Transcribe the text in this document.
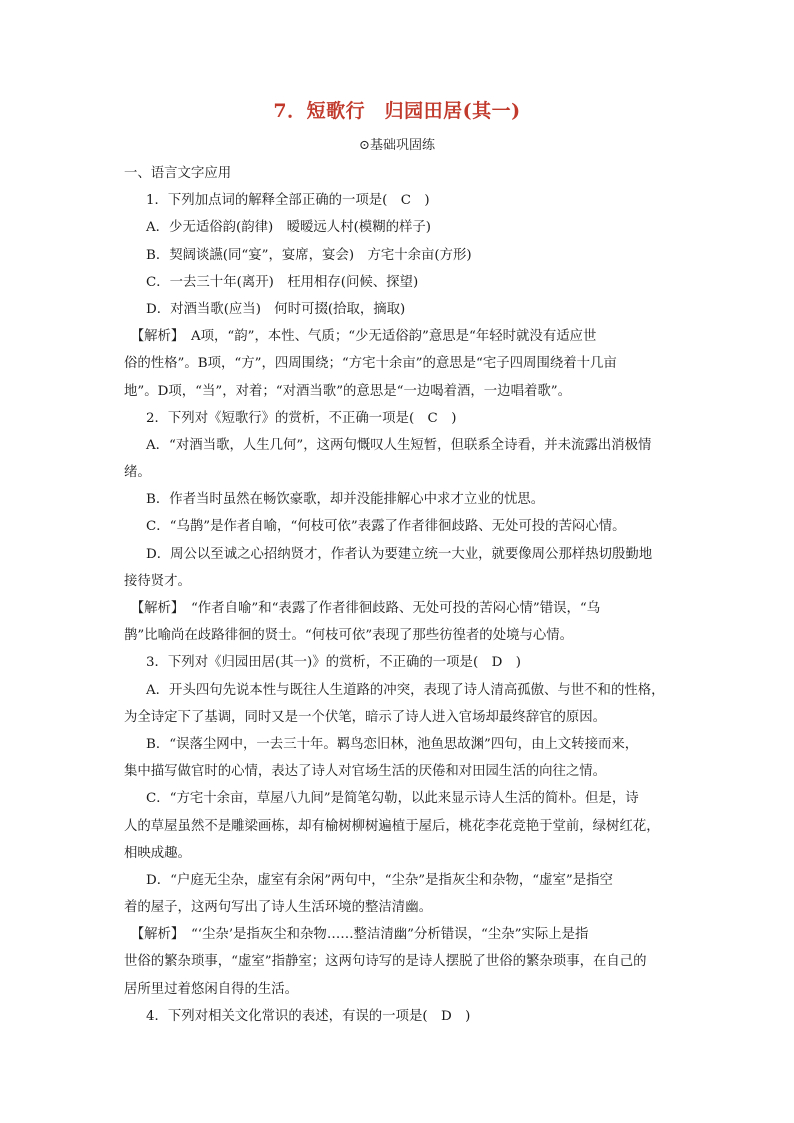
7．短歌行　归园田居(其一)
⊙基础巩固练
一、语言文字应用
1．下列加点词的解释全部正确的一项是(　C　)
A．少无适俗韵(韵律)　暧暧远人村(模糊的样子)
B．契阔谈讌(同“宴”，宴席，宴会)　方宅十余亩(方形)
C．一去三十年(离开)　枉用相存(问候、探望)
D．对酒当歌(应当)　何时可掇(拾取，摘取)
　【解析】　A项，“韵”，本性、气质；“少无适俗韵”意思是“年轻时就没有适应世
俗的性格”。B项，“方”，四周围绕；“方宅十余亩”的意思是“宅子四周围绕着十几亩
地”。D项，“当”，对着；“对酒当歌”的意思是“一边喝着酒，一边唱着歌”。
2．下列对《短歌行》的赏析，不正确一项是(　C　)
A．“对酒当歌，人生几何”，这两句慨叹人生短暂，但联系全诗看，并未流露出消极情
绪。
B．作者当时虽然在畅饮豪歌，却并没能排解心中求才立业的忧思。
C．“乌鹊”是作者自喻，“何枝可依”表露了作者徘徊歧路、无处可投的苦闷心情。
D．周公以至诚之心招纳贤才，作者认为要建立统一大业，就要像周公那样热切殷勤地
接待贤才。
　【解析】　“作者自喻”和“表露了作者徘徊歧路、无处可投的苦闷心情”错误，“乌
鹊”比喻尚在歧路徘徊的贤士。“何枝可依”表现了那些彷徨者的处境与心情。
3．下列对《归园田居(其一)》的赏析，不正确的一项是(　D　)
A．开头四句先说本性与既往人生道路的冲突，表现了诗人清高孤傲、与世不和的性格，
为全诗定下了基调，同时又是一个伏笔，暗示了诗人进入官场却最终辞官的原因。
B．“误落尘网中，一去三十年。羁鸟恋旧林，池鱼思故渊”四句，由上文转接而来，
集中描写做官时的心情，表达了诗人对官场生活的厌倦和对田园生活的向往之情。
C．“方宅十余亩，草屋八九间”是简笔勾勒，以此来显示诗人生活的简朴。但是，诗
人的草屋虽然不是雕梁画栋，却有榆树柳树遍植于屋后，桃花李花竞艳于堂前，绿树红花，
相映成趣。
D．“户庭无尘杂，虚室有余闲”两句中，“尘杂”是指灰尘和杂物，“虚室”是指空
着的屋子，这两句写出了诗人生活环境的整洁清幽。
　【解析】　“‘尘杂’是指灰尘和杂物……整洁清幽”分析错误，“尘杂”实际上是指
世俗的繁杂琐事，“虚室”指静室；这两句诗写的是诗人摆脱了世俗的繁杂琐事，在自己的
居所里过着悠闲自得的生活。
4．下列对相关文化常识的表述，有误的一项是(　D　)
